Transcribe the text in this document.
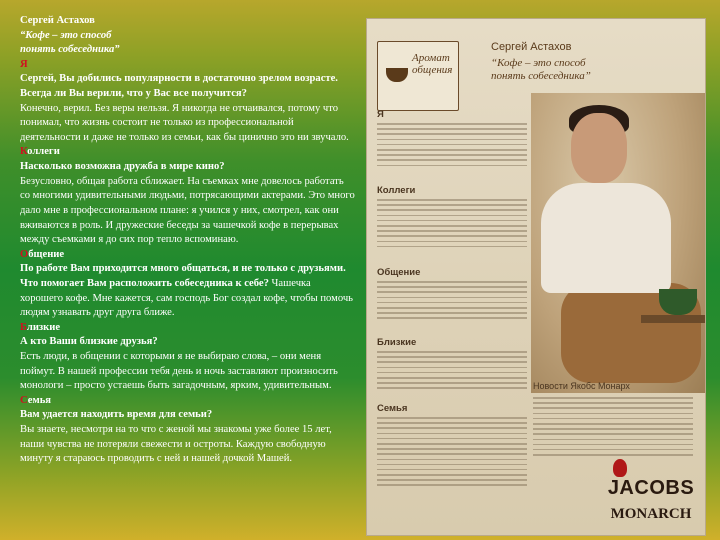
Сергей Астахов

“Кофе – это способ

понять собеседника”

Я

Сергей, Вы добились популярности в достаточно зрелом возрасте. Всегда ли Вы верили, что у Вас все получится?

Конечно, верил. Без веры нельзя. Я никогда не отчаивался, потому что понимал, что жизнь состоит не только из профессиональной деятельности и даже не только из семьи, как бы цинично это ни звучало.

Коллеги

Насколько возможна дружба в мире кино?

Безусловно, общая работа сближает. На съемках мне довелось работать со многими удивительными людьми, потрясающими актерами. Это много дало мне в профессиональном плане: я учился у них, смотрел, как они вживаются в роль. И дружеские беседы за чашечкой кофе в перерывах между съемками я до сих пор тепло вспоминаю.

Общение

По работе Вам приходится много общаться, и не только с друзьями. Что помогает Вам расположить собеседника к себе? Чашечка хорошего кофе. Мне кажется, сам господь Бог создал кофе, чтобы помочь людям узнавать друг друга ближе.

Близкие

А кто Ваши близкие друзья?

Есть люди, в общении с которыми я не выбираю слова, – они меня поймут. В нашей профессии тебя день и ночь заставляют произносить монологи – просто устаешь быть загадочным, ярким, удивительным.

Семья

Вам удается находить время для семьи?

Вы знаете, несмотря на то что с женой мы знакомы уже более 15 лет, наши чувства не потеряли свежести и остроты. Каждую свободную минуту я стараюсь проводить с ней и нашей дочкой Машей.

Аромат
общения
Сергей Астахов
“Кофе – это способ понять собеседника”
Я
Коллеги
Общение
Близкие
Семья
Новости Якобс Монарх
JACOBS
MONARCH
